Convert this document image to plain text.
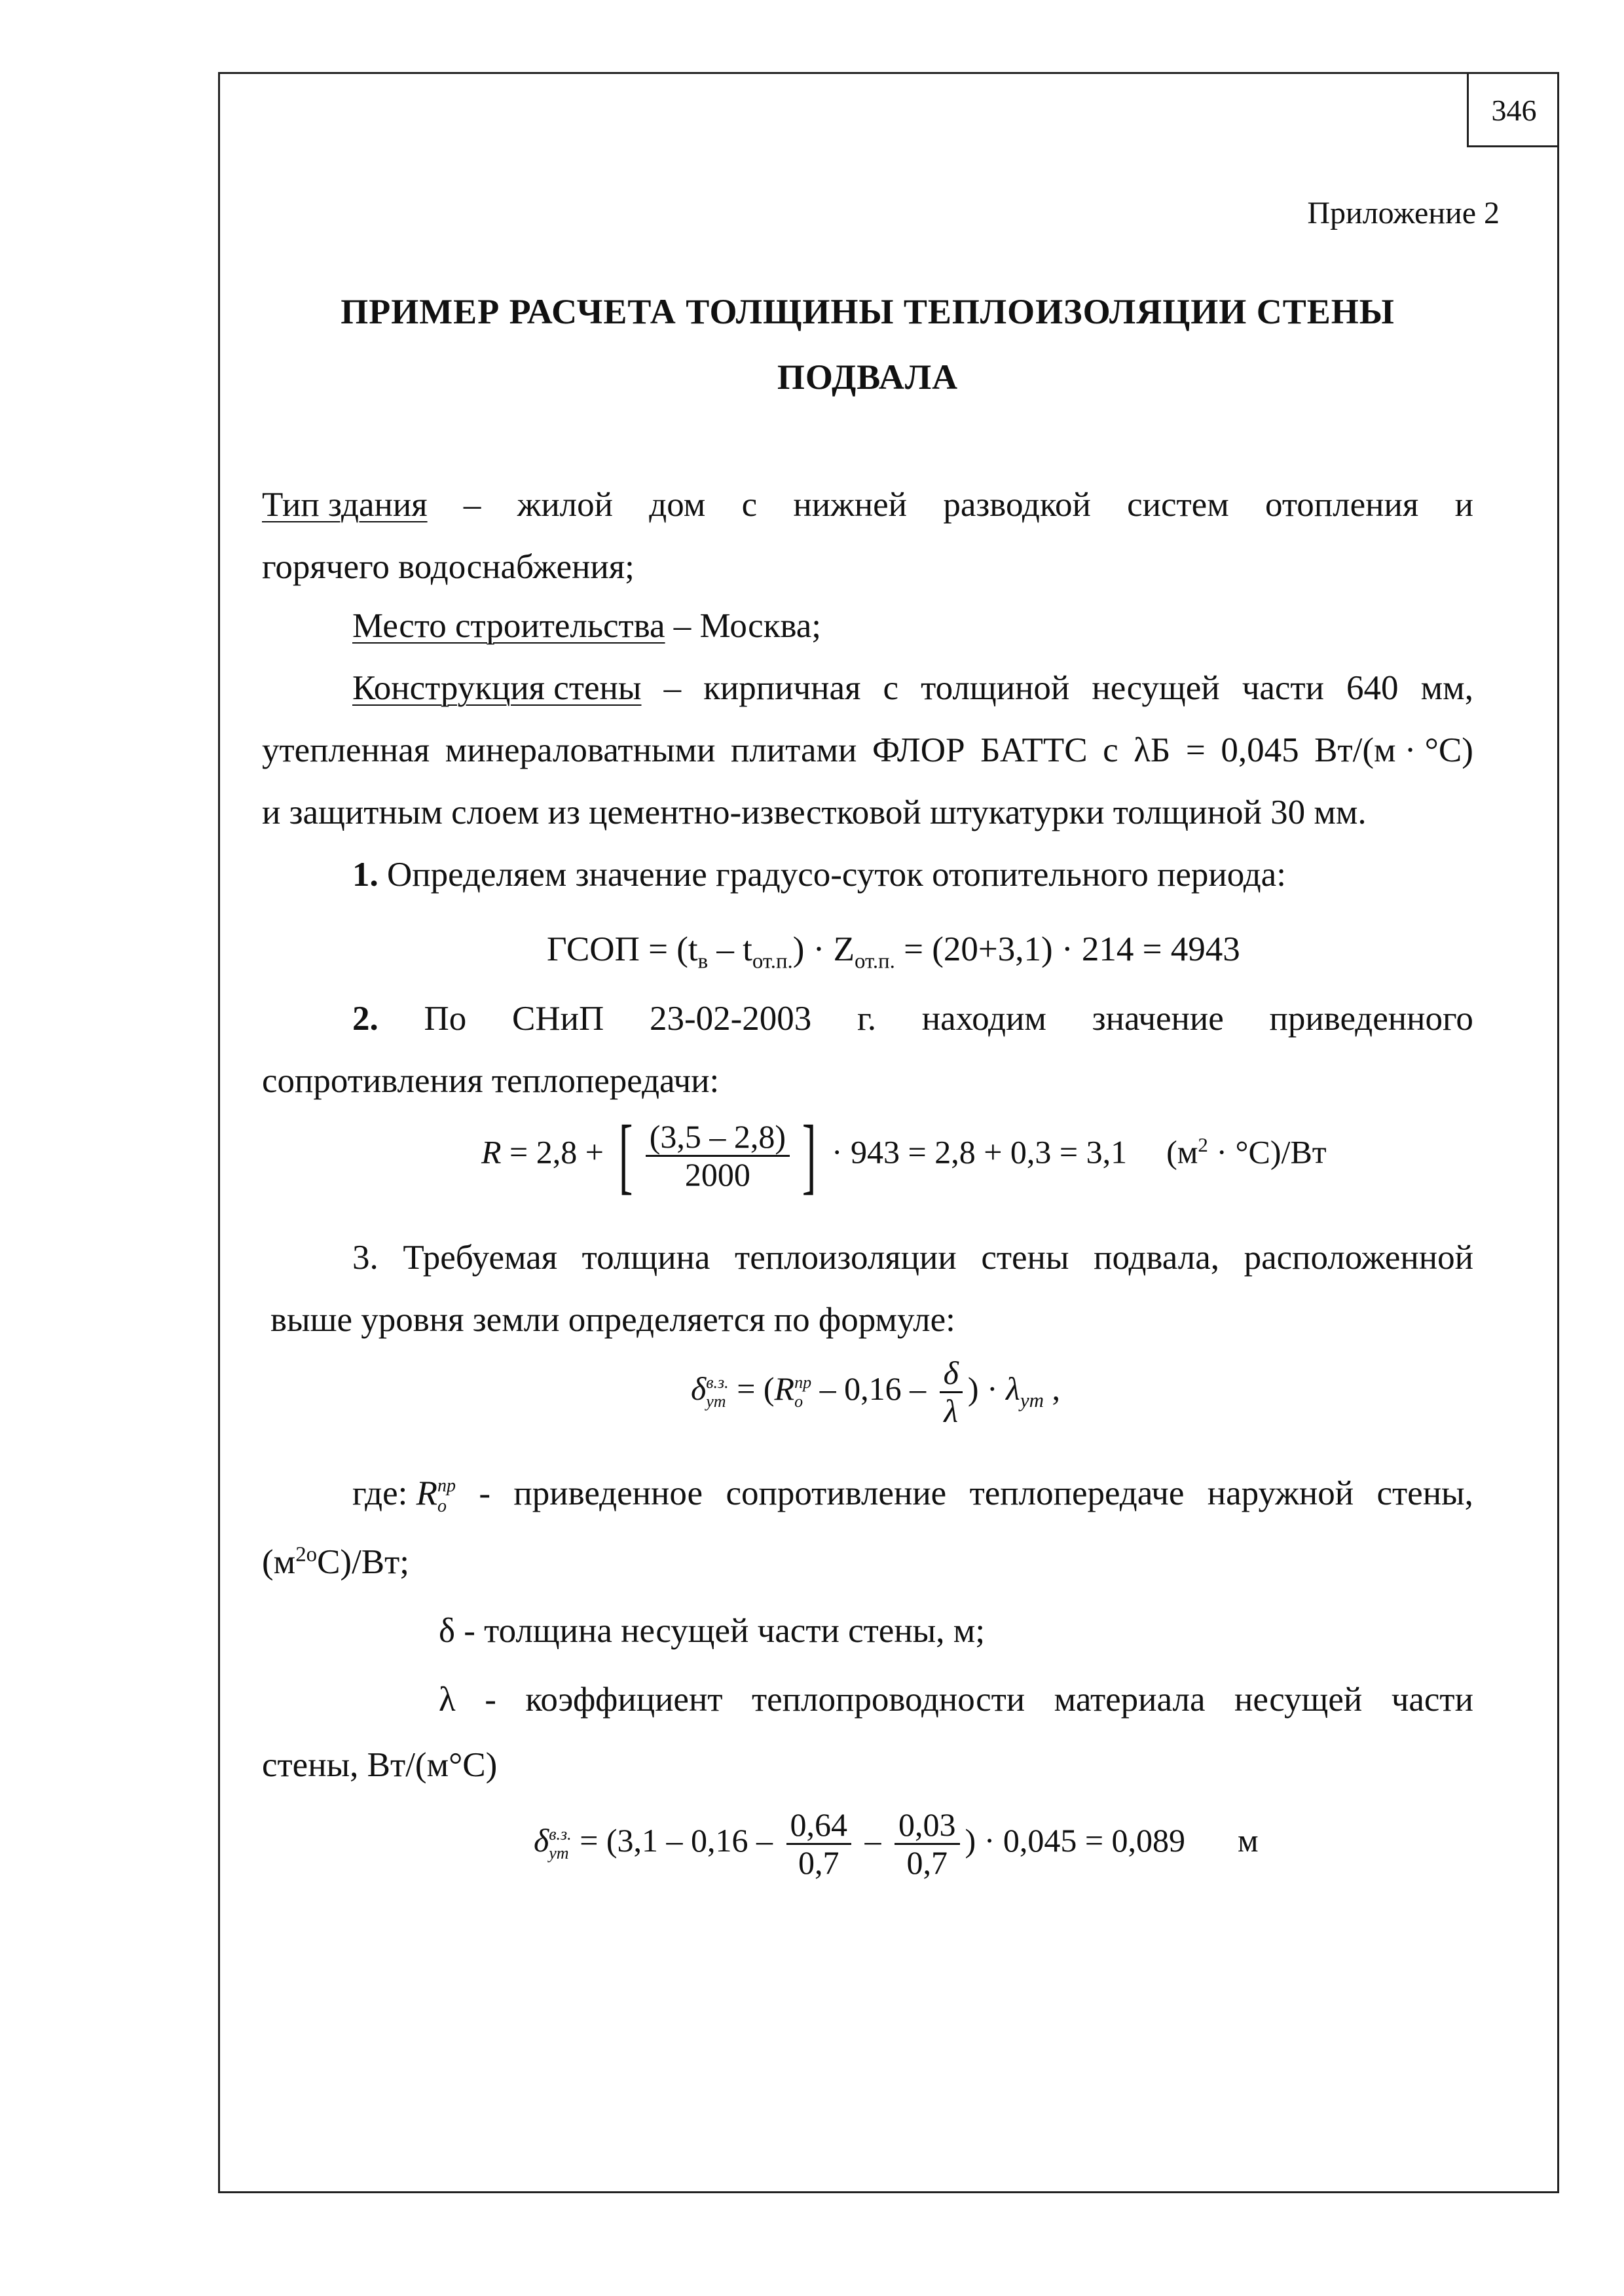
346
Приложение 2
ПРИМЕР РАСЧЕТА ТОЛЩИНЫ ТЕПЛОИЗОЛЯЦИИ СТЕНЫ
ПОДВАЛА
Тип здания – жилой дом с нижней разводкой систем отопления и
горячего водоснабжения;
Место строительства – Москва;
Конструкция стены – кирпичная с толщиной несущей части 640 мм,
утепленная минераловатными плитами ФЛОР БАТТС с λБ = 0,045 Вт/(м · °С)
и защитным слоем из цементно-известковой штукатурки толщиной 30 мм.
1. Определяем значение градусо-суток отопительного периода:
ГСОП = $(t_в - t_{от.п.}) \cdot Z_{от.п.} = (20+3,1) \cdot 214 = 4943$
2. По СНиП 23-02-2003 г. находим значение приведенного
сопротивления теплопередачи:
R = 2,8 + [ $\frac{(3,5 - 2,8)}{2000}$ ] · 943 = 2,8 + 0,3 = 3,1 $(м^2 \cdot ^\circ С)/Вт$
3. Требуемая толщина теплоизоляции стены подвала, расположенной
выше уровня земли определяется по формуле:
δ в.з.
ут = (R пр
о – $0,16 - \frac{\delta}{\lambda}$ ) · $\lambda_{ут}$ ,
где: R пр
о - приведенное сопротивление теплопередаче наружной стены,
$(м^{2о}С)/Вт$;
δ - толщина несущей части стены, м;
λ - коэффициент теплопроводности материала несущей части
стены, Вт/(м°С)
δ в.з.
ут = ($3,1 - 0,16 - \frac{0,64}{0,7} - \frac{0,03}{0,7}$ ) · 0,045 = 0,089 м
